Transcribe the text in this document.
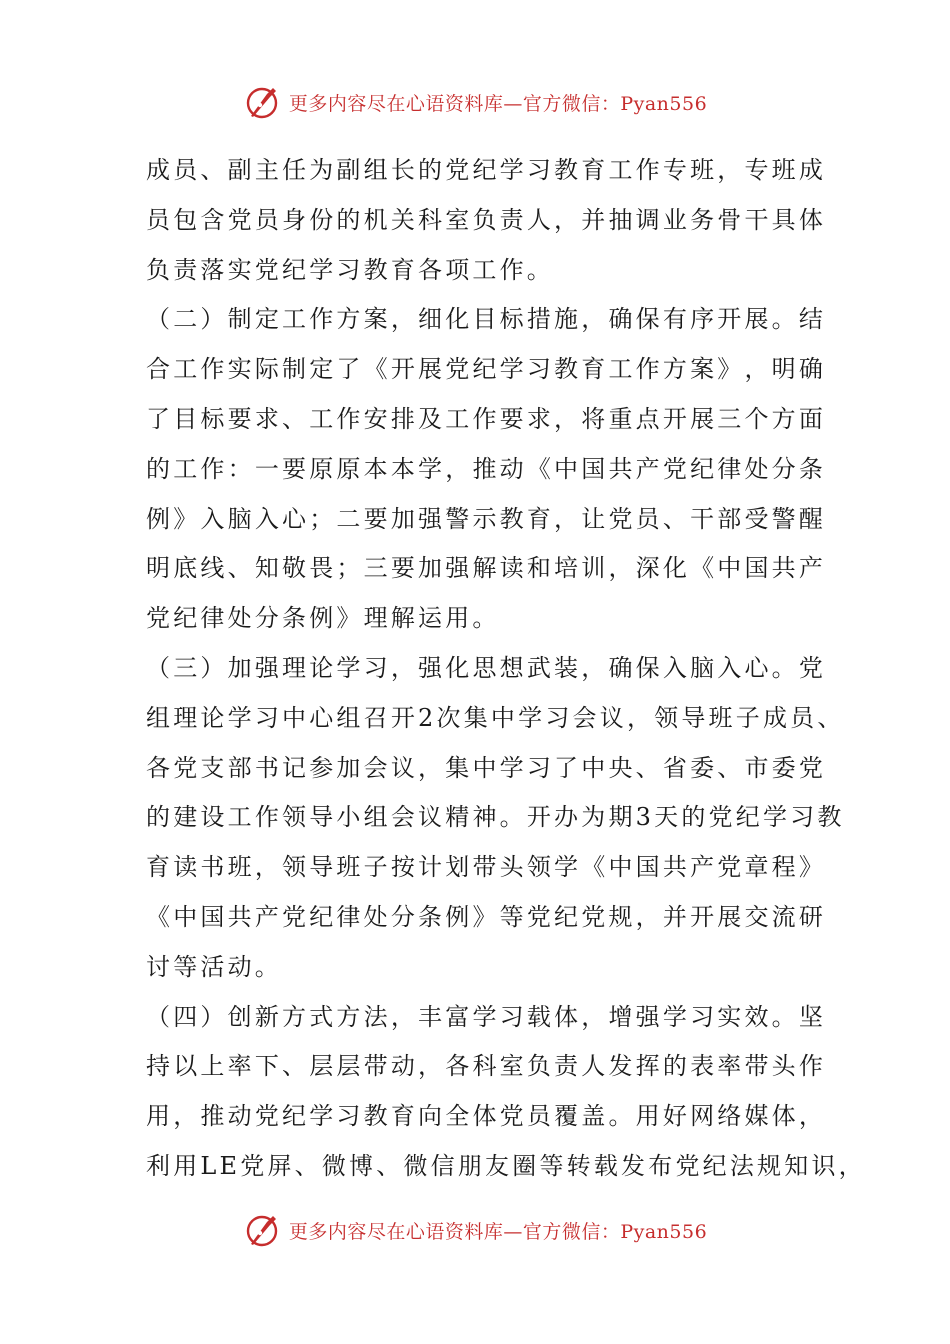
更多内容尽在心语资料库—官方微信：Pyan556
成 员 、 副 主 任 为 副 组 长 的 党 纪 学 习 教 育 工 作 专 班 ， 专 班 成
员 包 含 党 员 身 份 的 机 关 科 室 负 责 人 ， 并 抽 调 业 务 骨 干 具 体
负责落实党纪学习教育各项工作。
（ 二 ） 制 定 工 作 方 案 ， 细 化 目 标 措 施 ， 确 保 有 序 开 展 。 结
合 工 作 实 际 制 定 了 《 开 展 党 纪 学 习 教 育 工 作 方 案 》 ， 明 确
了 目 标 要 求 、 工 作 安 排 及 工 作 要 求 ， 将 重 点 开 展 三 个 方 面
的 工 作 ： 一 要 原 原 本 本 学 ， 推 动 《 中 国 共 产 党 纪 律 处 分 条
例 》 入 脑 入 心 ； 二 要 加 强 警 示 教 育 ， 让 党 员 、 干 部 受 警 醒
明 底 线 、 知 敬 畏 ； 三 要 加 强 解 读 和 培 训 ， 深 化 《 中 国 共 产
党纪律处分条例》理解运用。
（ 三 ） 加 强 理 论 学 习 ， 强 化 思 想 武 装 ， 确 保 入 脑 入 心 。 党
组 理 论 学 习 中 心 组 召 开 2 次 集 中 学 习 会 议 ， 领 导 班 子 成 员 、
各 党 支 部 书 记 参 加 会 议 ， 集 中 学 习 了 中 央 、 省 委 、 市 委 党
的 建 设 工 作 领 导 小 组 会 议 精 神 。 开 办 为 期 3 天 的 党 纪 学 习 教
育 读 书 班 ， 领 导 班 子 按 计 划 带 头 领 学 《 中 国 共 产 党 章 程 》
《 中 国 共 产 党 纪 律 处 分 条 例 》 等 党 纪 党 规 ， 并 开 展 交 流 研
讨等活动。
（ 四 ） 创 新 方 式 方 法 ， 丰 富 学 习 载 体 ， 增 强 学 习 实 效 。 坚
持 以 上 率 下 、 层 层 带 动 ， 各 科 室 负 责 人 发 挥 的 表 率 带 头 作
用 ， 推 动 党 纪 学 习 教 育 向 全 体 党 员 覆 盖 。 用 好 网 络 媒 体 ，
利用LE党屏、微博、微信朋友圈等转载发布党纪法规知识，
更多内容尽在心语资料库—官方微信：Pyan556
